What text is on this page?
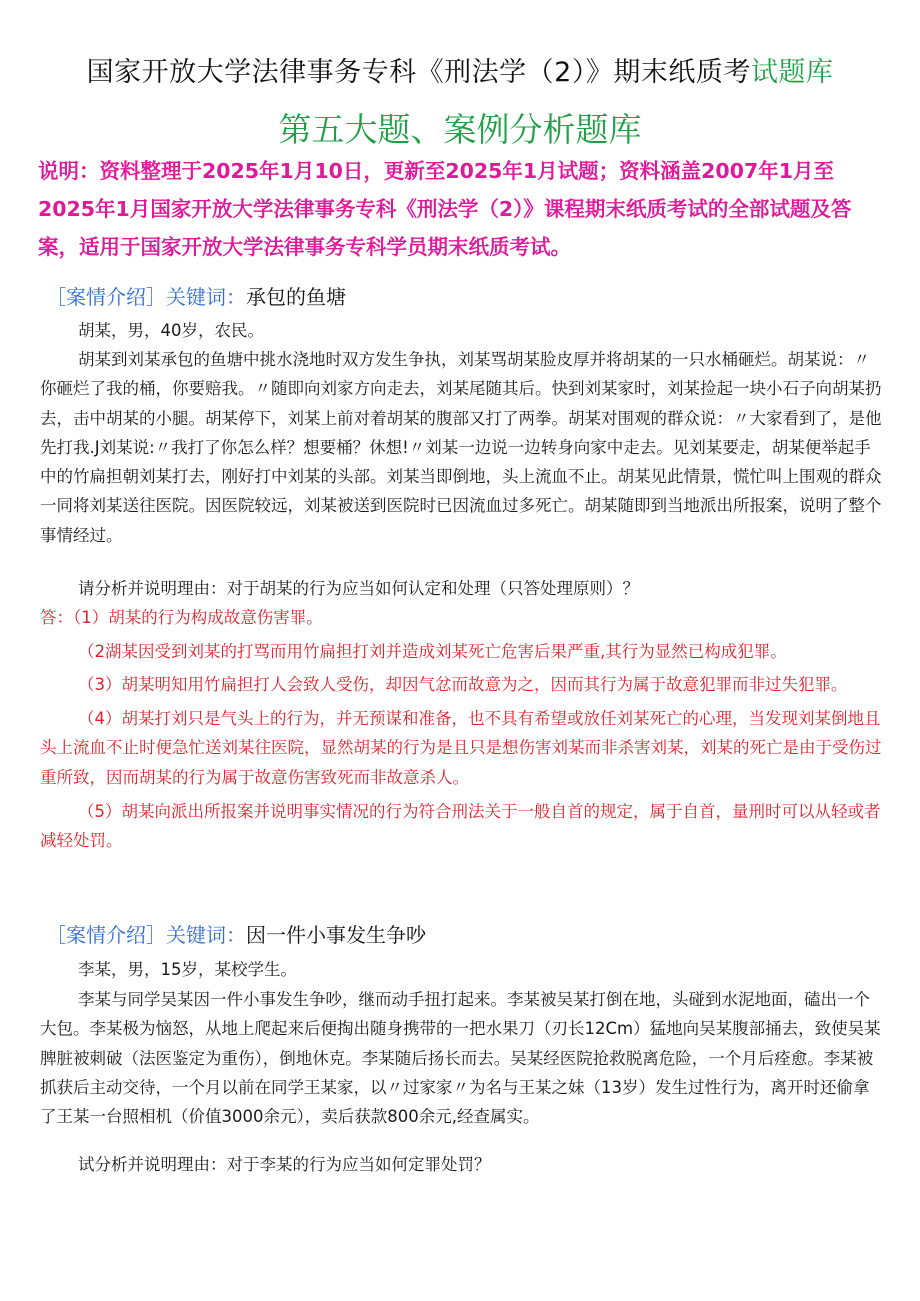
国家开放大学法律事务专科《刑法学（2）》期末纸质考试题库
第五大题、案例分析题库

说明：资料整理于2025年1月10日，更新至2025年1月试题；资料涵盖2007年1月至2025年1月国家开放大学法律事务专科《刑法学（2）》课程期末纸质考试的全部试题及答案，适用于国家开放大学法律事务专科学员期末纸质考试。

［案情介绍］关键词：承包的鱼塘

胡某，男，40岁，农民。

胡某到刘某承包的鱼塘中挑水浇地时双方发生争执，刘某骂胡某脸皮厚并将胡某的一只水桶砸烂。胡某说：〃你砸烂了我的桶，你要赔我。〃随即向刘家方向走去，刘某尾随其后。快到刘某家时，刘某捡起一块小石子向胡某扔去，击中胡某的小腿。胡某停下，刘某上前对着胡某的腹部又打了两拳。胡某对围观的群众说：〃大家看到了，是他先打我.J刘某说:〃我打了你怎么样？想要桶？休想!〃刘某一边说一边转身向家中走去。见刘某要走，胡某便举起手中的竹扁担朝刘某打去，刚好打中刘某的头部。刘某当即倒地，头上流血不止。胡某见此情景，慌忙叫上围观的群众一同将刘某送往医院。因医院较远，刘某被送到医院时已因流血过多死亡。胡某随即到当地派出所报案，说明了整个事情经过。

请分析并说明理由：对于胡某的行为应当如何认定和处理（只答处理原则）？

答：（1）胡某的行为构成故意伤害罪。

（2湖某因受到刘某的打骂而用竹扁担打刘并造成刘某死亡危害后果严重,其行为显然已构成犯罪。

（3）胡某明知用竹扁担打人会致人受伤，却因气忿而故意为之，因而其行为属于故意犯罪而非过失犯罪。

（4）胡某打刘只是气头上的行为，并无预谋和准备，也不具有希望或放任刘某死亡的心理，当发现刘某倒地且头上流血不止时便急忙送刘某往医院，显然胡某的行为是且只是想伤害刘某而非杀害刘某，刘某的死亡是由于受伤过重所致，因而胡某的行为属于故意伤害致死而非故意杀人。

（5）胡某向派出所报案并说明事实情况的行为符合刑法关于一般自首的规定，属于自首，量刑时可以从轻或者减轻处罚。

［案情介绍］关键词：因一件小事发生争吵

李某，男，15岁，某校学生。

李某与同学吴某因一件小事发生争吵，继而动手扭打起来。李某被吴某打倒在地，头碰到水泥地面，磕出一个大包。李某极为恼怒，从地上爬起来后便掏出随身携带的一把水果刀（刃长12Cm）猛地向吴某腹部捅去，致使吴某脾脏被刺破（法医鉴定为重伤），倒地休克。李某随后扬长而去。吴某经医院抢救脱离危险，一个月后痊愈。李某被抓获后主动交待，一个月以前在同学王某家，以〃过家家〃为名与王某之妹（13岁）发生过性行为，离开时还偷拿了王某一台照相机（价值3000余元），卖后获款800余元,经查属实。

试分析并说明理由：对于李某的行为应当如何定罪处罚？
